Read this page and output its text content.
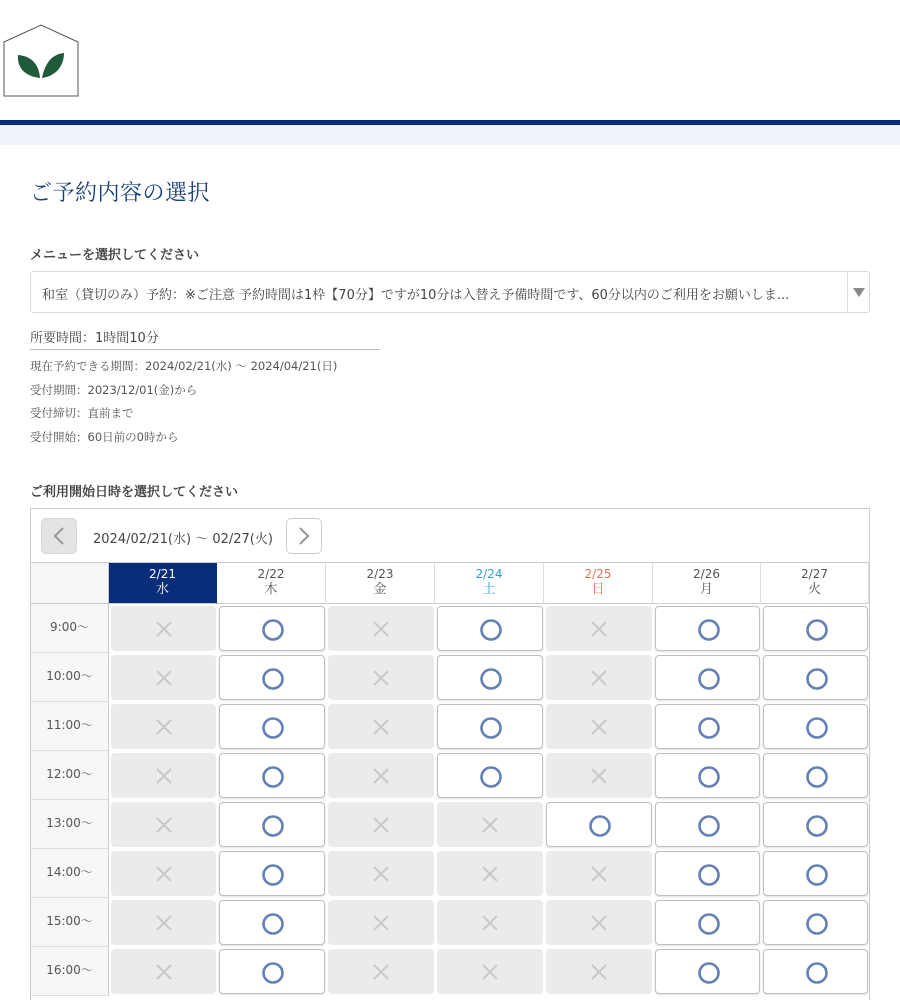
ご予約内容の選択
メニューを選択してください
和室（貸切のみ）予約：※ご注意 予約時間は1枠【70分】ですが10分は入替え予備時間です、60分以内のご利用をお願いしま...
所要時間：1時間10分
現在予約できる期間：2024/02/21(水) 〜 2024/04/21(日)
受付期間：2023/12/01(金)から
受付締切：直前まで
受付開始：60日前の0時から
ご利用開始日時を選択してください
2024/02/21(水) 〜 02/27(火)
2/21
水
2/22
木
2/23
金
2/24
土
2/25
日
2/26
月
2/27
火
9:00〜
10:00〜
11:00〜
12:00〜
13:00〜
14:00〜
15:00〜
16:00〜
